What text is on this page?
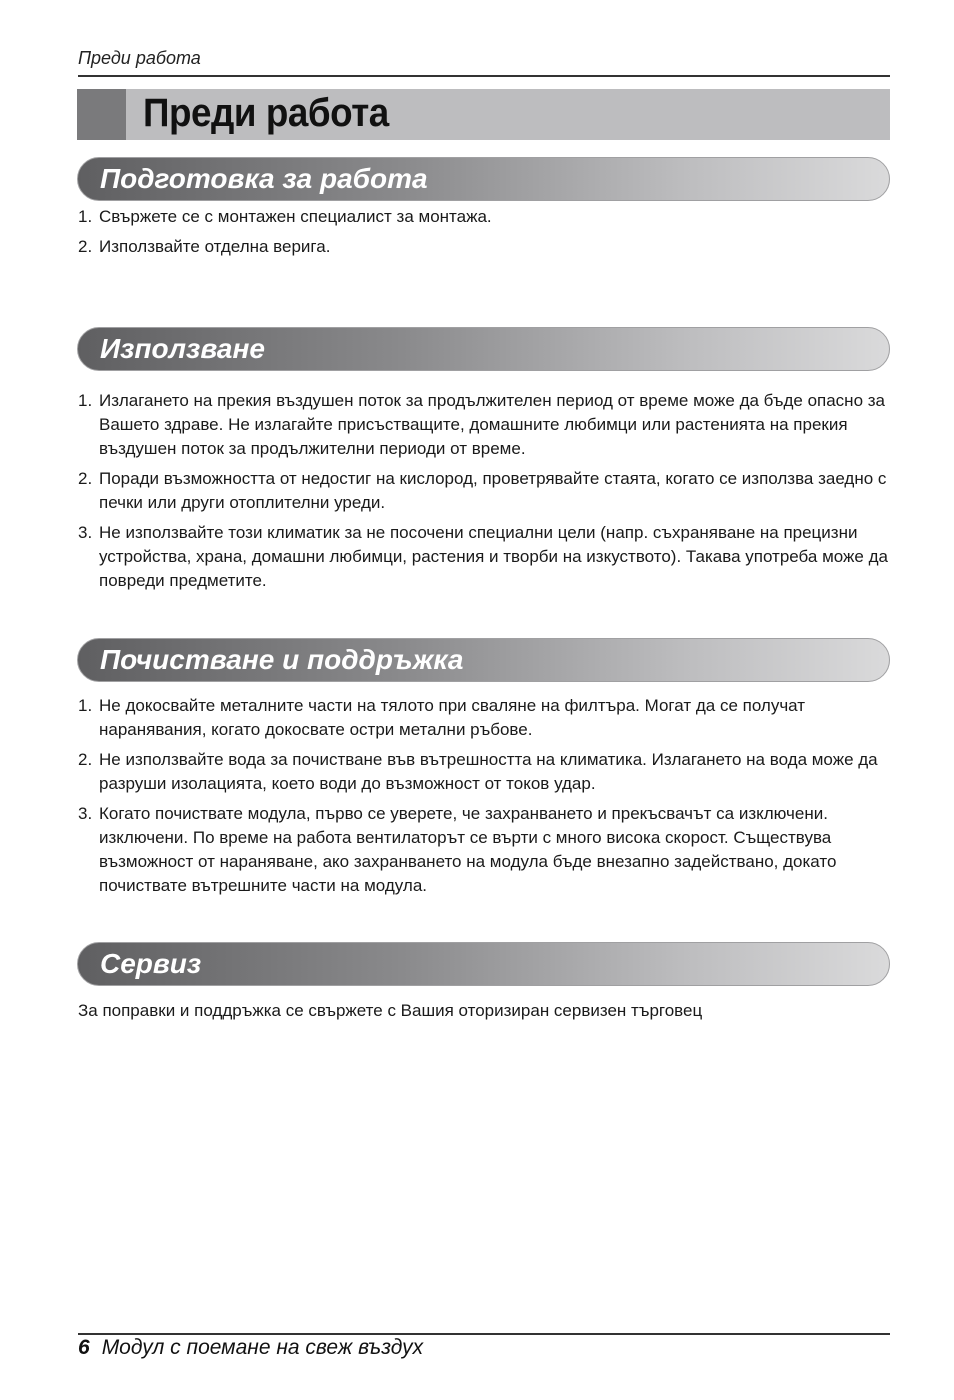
Преди работа
Преди работа
Подготовка за работа
1. Свържете се с монтажен специалист за монтажа.
2. Използвайте отделна верига.
Използване
1. Излагането на прекия въздушен поток за продължителен период от време може да бъде опасно за Вашето здраве. Не излагайте присъстващите, домашните любимци или растенията на прекия въздушен поток за продължителни периоди от време.
2. Поради възможността от недостиг на кислород, проветрявайте стаята, когато се използва заедно с печки или други отоплителни уреди.
3. Не използвайте този климатик за не посочени специални цели (напр. съхраняване на прецизни устройства, храна, домашни любимци, растения и творби на изкуството). Такава употреба може да повреди предметите.
Почистване и поддръжка
1. Не докосвайте металните части на тялото при сваляне на филтъра. Могат да се получат наранявания, когато докосвате остри метални ръбове.
2. Не използвайте вода за почистване във вътрешността на климатика. Излагането на вода може да разруши изолацията, което води до възможност от токов удар.
3. Когато почиствате модула, първо се уверете, че захранването и прекъсвачът са изключени. изключени. По време на работа вентилаторът се върти с много висока скорост. Съществува възможност от нараняване, ако захранването на модула бъде внезапно задействано, докато почиствате вътрешните части на модула.
Сервиз
За поправки и поддръжка се свържете с Вашия оторизиран сервизен търговец
6 Модул с поемане на свеж въздух
